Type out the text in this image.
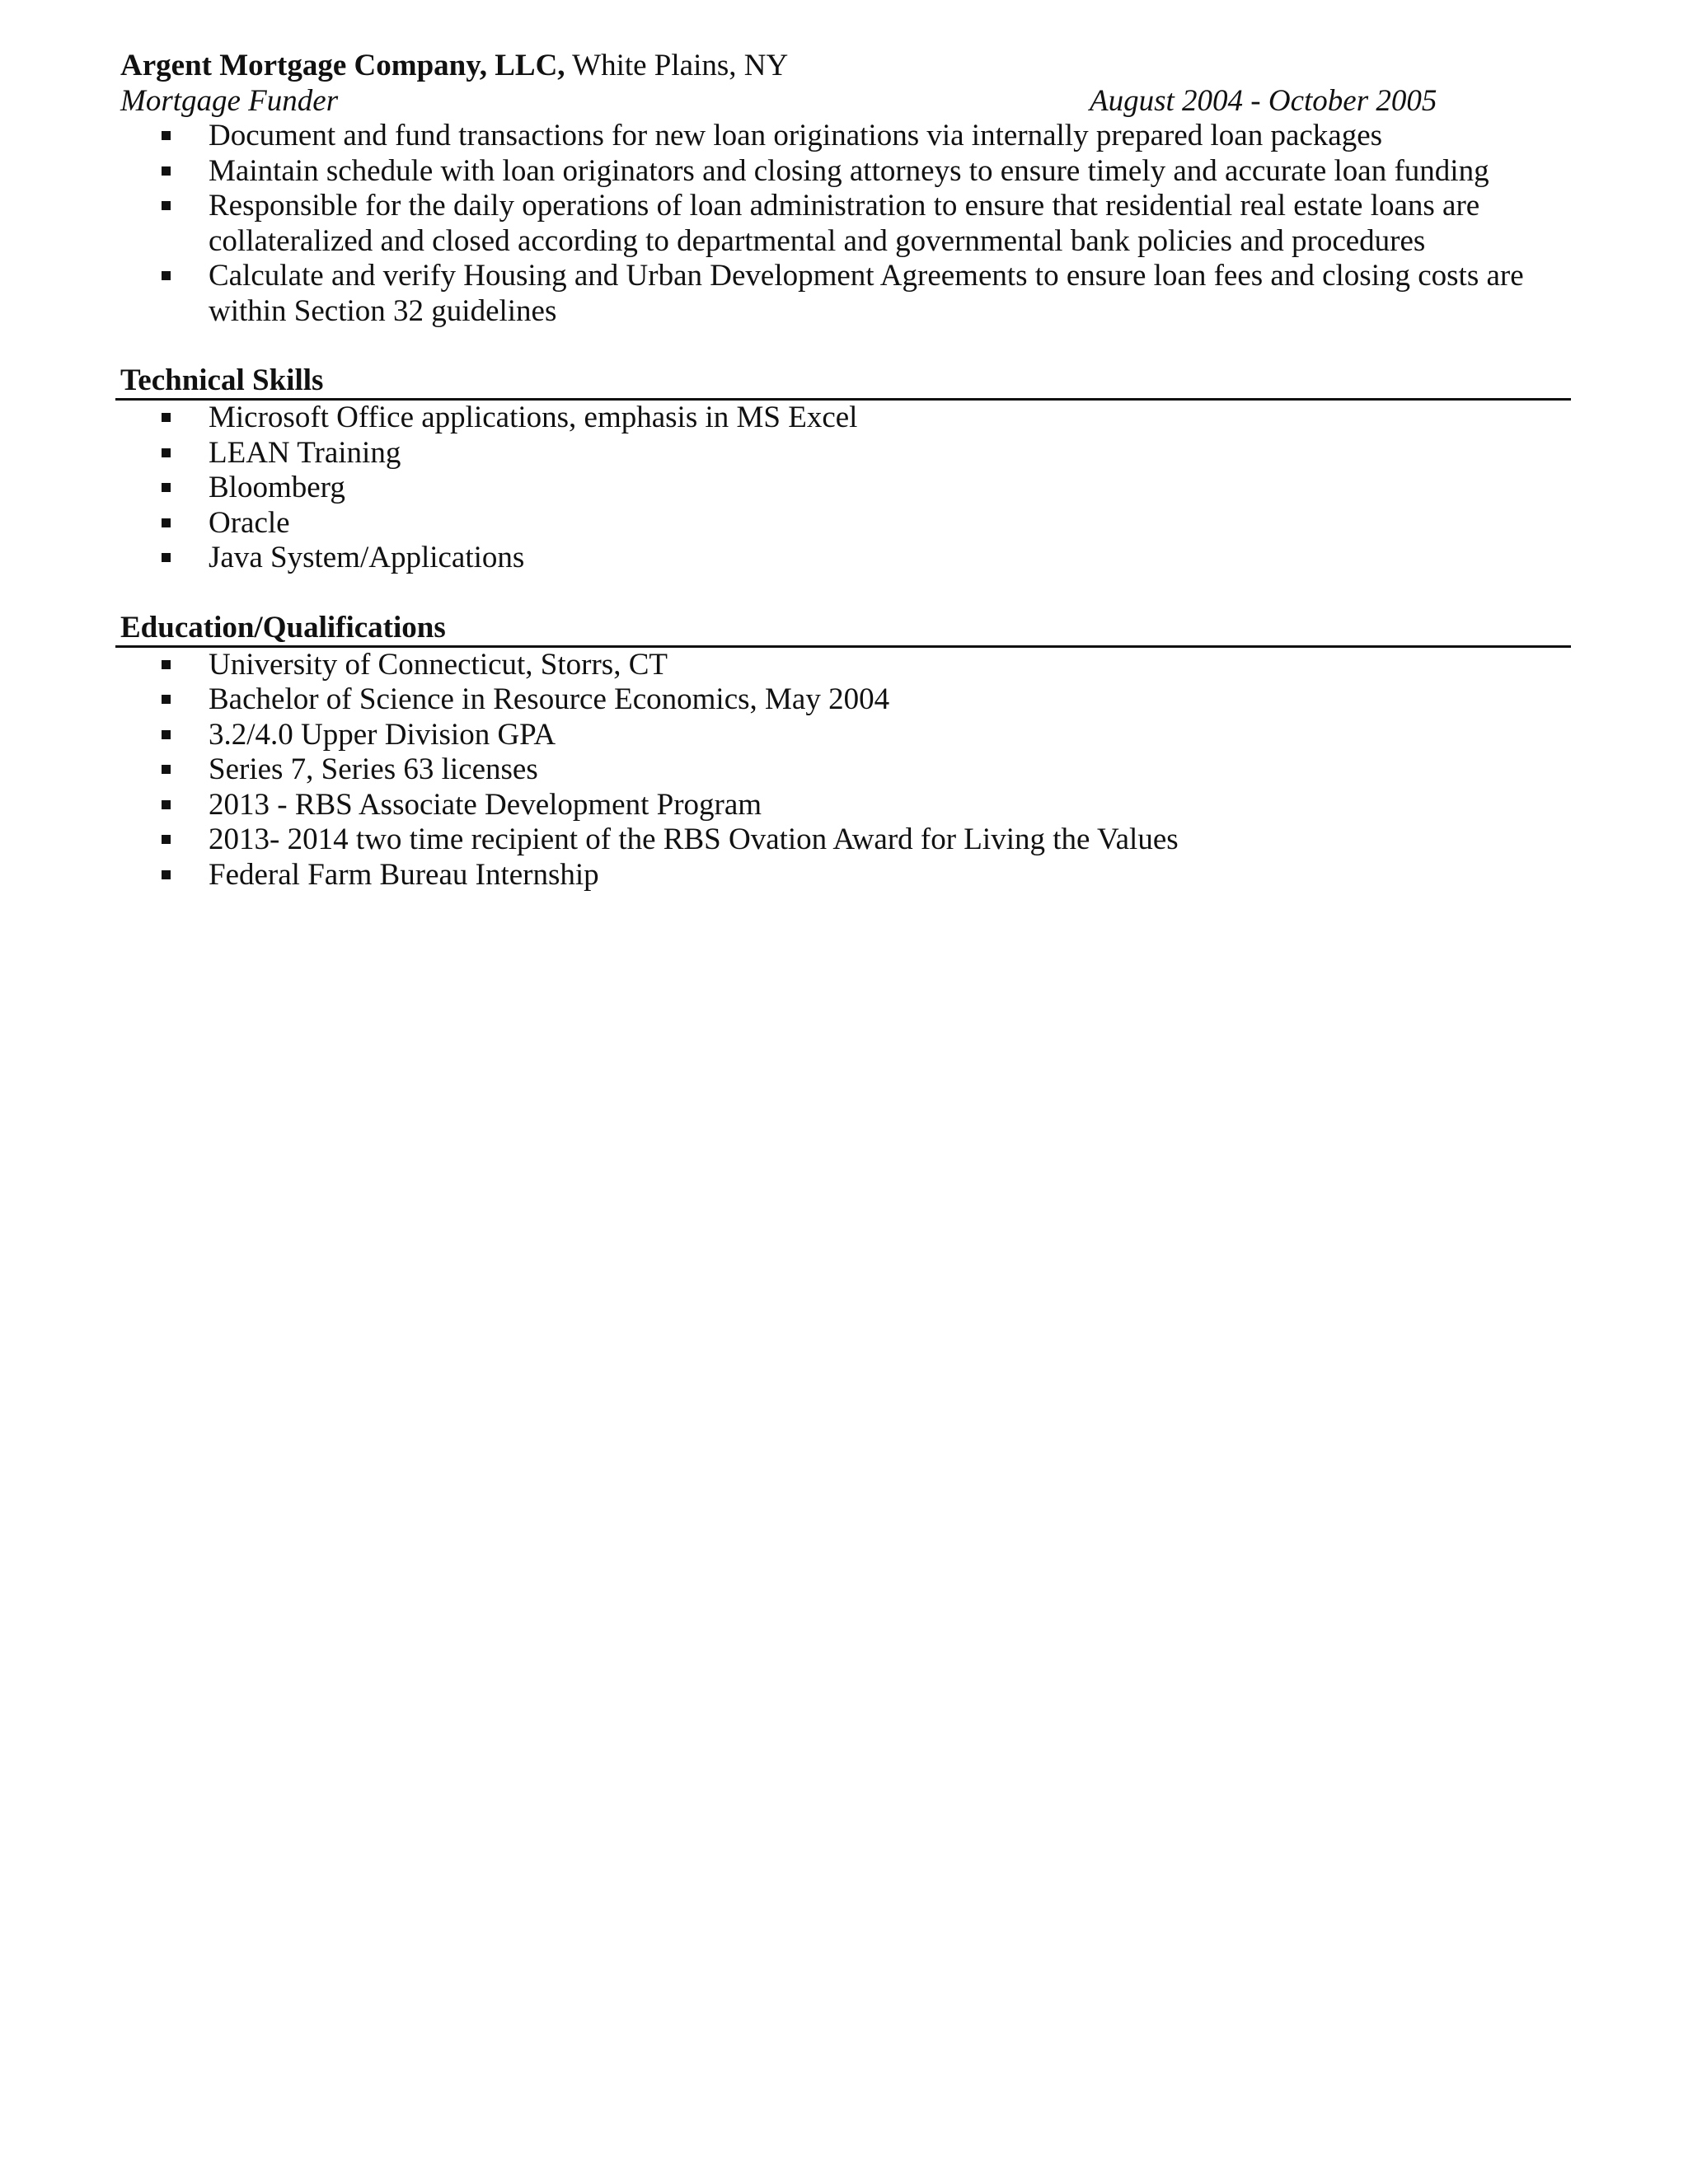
Argent Mortgage Company, LLC, White Plains, NY
Mortgage Funder	August 2004 - October 2005
Document and fund transactions for new loan originations via internally prepared loan packages
Maintain schedule with loan originators and closing attorneys to ensure timely and accurate loan funding
Responsible for the daily operations of loan administration to ensure that residential real estate loans are
collateralized and closed according to departmental and governmental bank policies and procedures
Calculate and verify Housing and Urban Development Agreements to ensure loan fees and closing costs are
within Section 32 guidelines
Technical Skills
Microsoft Office applications, emphasis in MS Excel
LEAN Training
Bloomberg
Oracle
Java System/Applications
Education/Qualifications
University of Connecticut, Storrs, CT
Bachelor of Science in Resource Economics, May 2004
3.2/4.0 Upper Division GPA
Series 7, Series 63 licenses
2013 - RBS Associate Development Program
2013- 2014 two time recipient of the RBS Ovation Award for Living the Values
Federal Farm Bureau Internship
